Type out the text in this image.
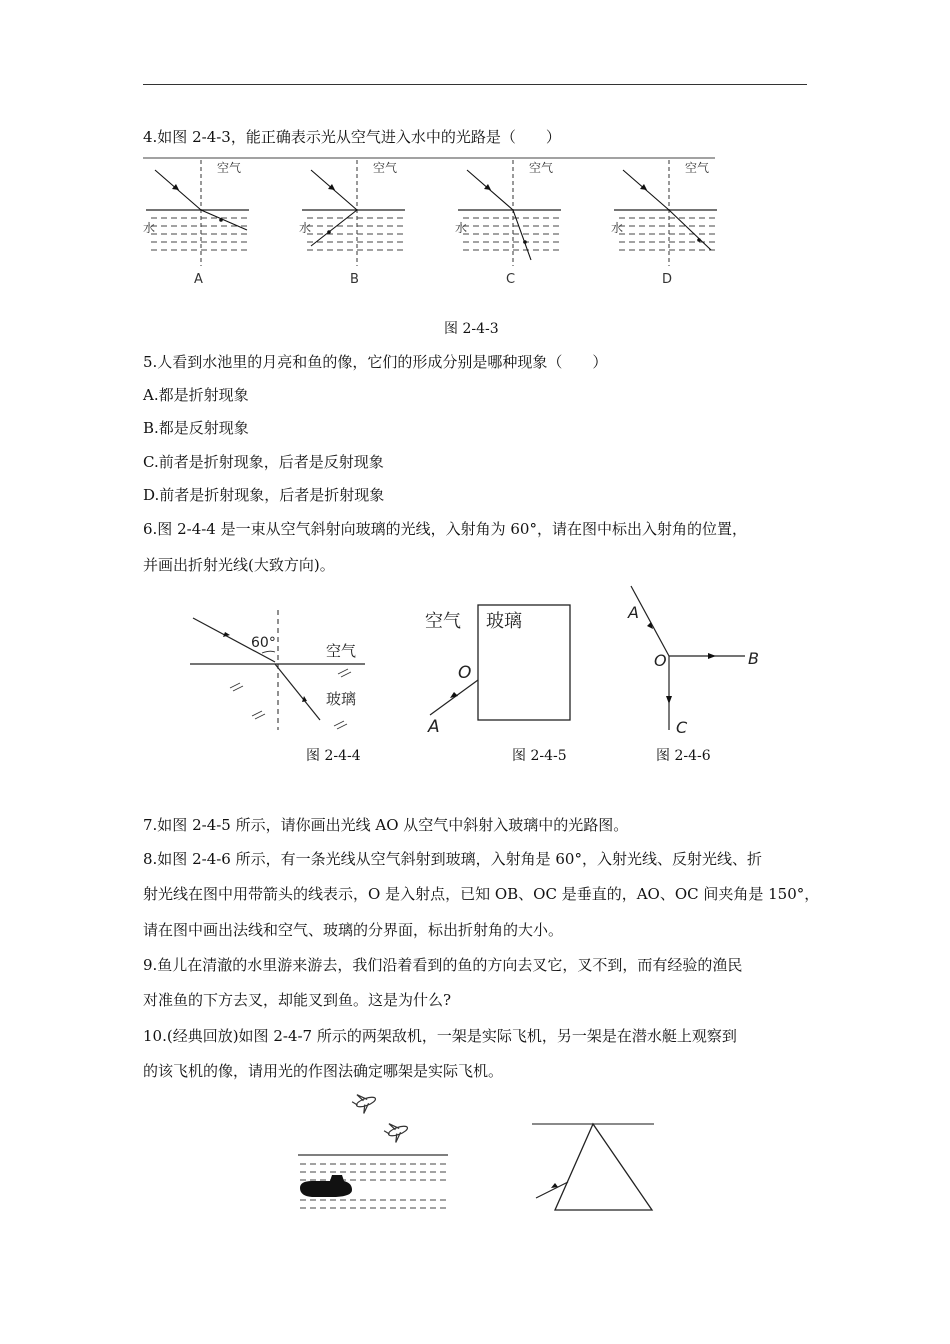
4.如图 2-4-3，能正确表示光从空气进入水中的光路是（　　）
空气
水
A
空气
水
B
空气
水
C
空气
水
D
图 2-4-3
5.人看到水池里的月亮和鱼的像，它们的形成分别是哪种现象（　　）
A.都是折射现象
B.都是反射现象
C.前者是折射现象，后者是反射现象
D.前者是折射现象，后者是折射现象
6.图 2-4-4 是一束从空气斜射向玻璃的光线，入射角为 60°，请在图中标出入射角的位置，
并画出折射光线(大致方向)。
60°	空气
玻璃
图 2-4-4
空气 玻璃
O
A
图 2-4-5
A
O	B
C
图 2-4-6
7.如图 2-4-5 所示，请你画出光线 AO 从空气中斜射入玻璃中的光路图。
8.如图 2-4-6 所示，有一条光线从空气斜射到玻璃，入射角是 60°，入射光线、反射光线、折
射光线在图中用带箭头的线表示，O 是入射点，已知 OB、OC 是垂直的，AO、OC 间夹角是 150°，
请在图中画出法线和空气、玻璃的分界面，标出折射角的大小。
9.鱼儿在清澈的水里游来游去，我们沿着看到的鱼的方向去叉它，叉不到，而有经验的渔民
对准鱼的下方去叉，却能叉到鱼。这是为什么?
10.(经典回放)如图 2-4-7 所示的两架敌机，一架是实际飞机，另一架是在潜水艇上观察到
的该飞机的像，请用光的作图法确定哪架是实际飞机。
